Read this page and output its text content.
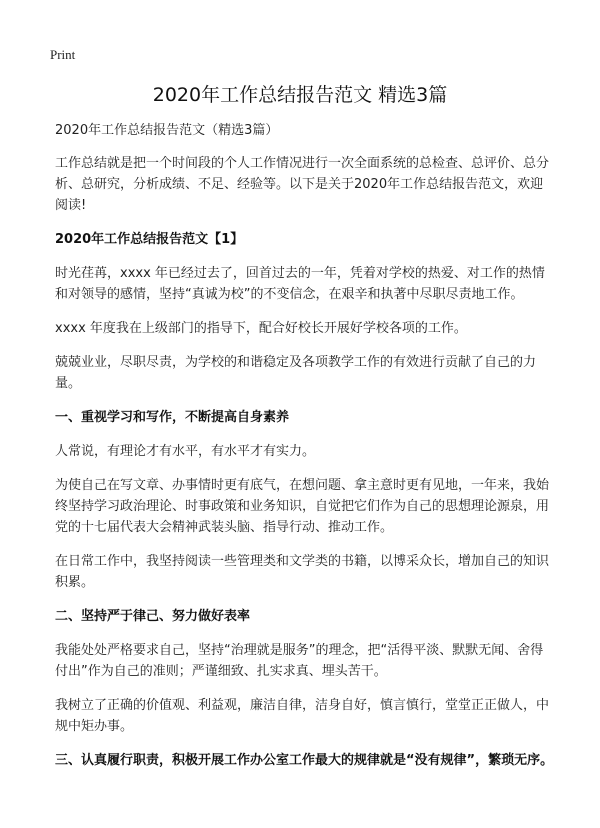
Print
2020年工作总结报告范文 精选3篇

2020年工作总结报告范文（精选3篇）

工作总结就是把一个时间段的个人工作情况进行一次全面系统的总检查、总评价、总分析、总研究，分析成绩、不足、经验等。以下是关于2020年工作总结报告范文，欢迎阅读!

2020年工作总结报告范文【1】

时光荏苒，xxxx 年已经过去了，回首过去的一年，凭着对学校的热爱、对工作的热情和对领导的感情，坚持“真诚为校”的不变信念，在艰辛和执著中尽职尽责地工作。

xxxx 年度我在上级部门的指导下，配合好校长开展好学校各项的工作。

兢兢业业，尽职尽责，为学校的和谐稳定及各项教学工作的有效进行贡献了自己的力量。

一、重视学习和写作，不断提高自身素养

人常说，有理论才有水平，有水平才有实力。

为使自己在写文章、办事情时更有底气，在想问题、拿主意时更有见地，一年来，我始终坚持学习政治理论、时事政策和业务知识，自觉把它们作为自己的思想理论源泉，用党的十七届代表大会精神武装头脑、指导行动、推动工作。

在日常工作中，我坚持阅读一些管理类和文学类的书籍，以博采众长，增加自己的知识积累。

二、坚持严于律己、努力做好表率

我能处处严格要求自己，坚持“治理就是服务”的理念，把“活得平淡、默默无闻、舍得付出”作为自己的准则；严谨细致、扎实求真、埋头苦干。

我树立了正确的价值观、利益观，廉洁自律，洁身自好，慎言慎行，堂堂正正做人，中规中矩办事。

三、认真履行职责，积极开展工作办公室工作最大的规律就是“没有规律”，繁琐无序。
